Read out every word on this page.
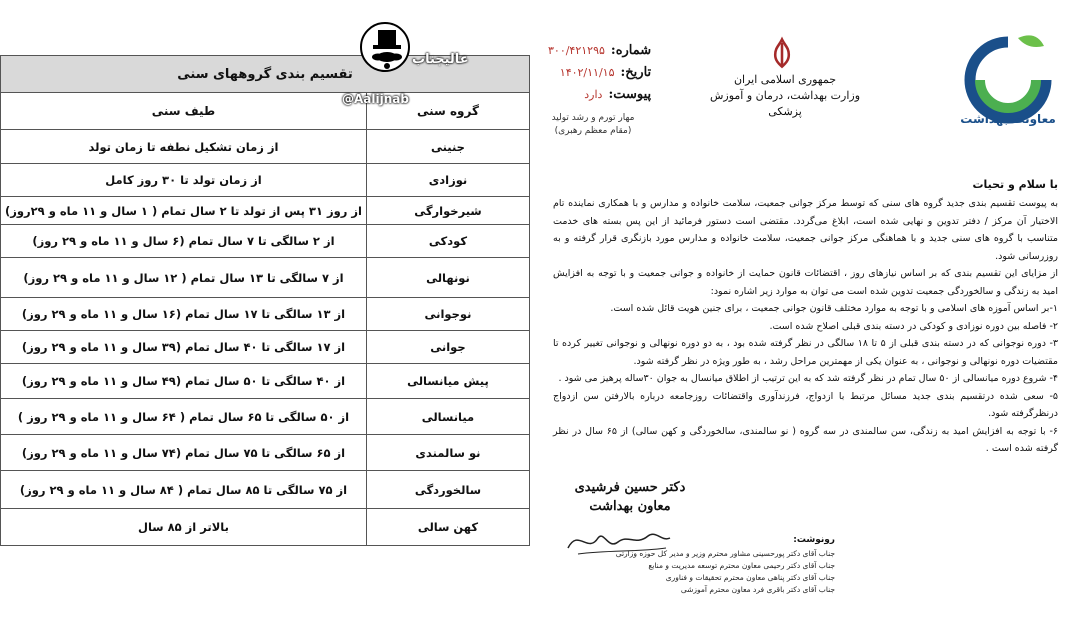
تقسیم بندی گروههای سنی	
گروه سنی	طیف سنی
جنینی	از زمان تشکیل نطفه تا زمان تولد
نوزادی	از زمان تولد تا ۳۰ روز کامل
شیرخوارگی	از روز ۳۱ پس از تولد تا ۲ سال تمام ( ۱ سال و ۱۱ ماه و ۲۹روز)
کودکی	از ۲ سالگی تا ۷ سال تمام (۶ سال و ۱۱ ماه و ۲۹ روز)
نونهالی	از ۷ سالگی تا ۱۳ سال تمام ( ۱۲ سال و ۱۱ ماه و ۲۹ روز)
نوجوانی	از ۱۳ سالگی تا ۱۷ سال تمام (۱۶ سال و ۱۱ ماه و ۲۹ روز)
جوانی	از ۱۷ سالگی تا ۴۰ سال تمام (۳۹ سال و ۱۱ ماه و ۲۹ روز)
پیش میانسالی	از ۴۰ سالگی تا ۵۰ سال تمام (۴۹ سال و ۱۱ ماه و ۲۹ روز)
میانسالی	از ۵۰ سالگی تا ۶۵ سال تمام ( ۶۴ سال و ۱۱ ماه و ۲۹ روز )
نو سالمندی	از ۶۵ سالگی تا ۷۵ سال تمام (۷۴ سال و ۱۱ ماه و ۲۹ روز)
سالخوردگی	از ۷۵ سالگی تا ۸۵ سال تمام ( ۸۴ سال و ۱۱ ماه و ۲۹ روز)
کهن سالی	بالاتر از ۸۵ سال
عالیجناب
@Aalijnab
معاونت بهداشت
جمهوری اسلامی ایران
وزارت بهداشت، درمان و آموزش پزشکی
شماره:۳۰۰/۴۲۱۲۹۵
تاریخ:۱۴۰۲/۱۱/۱۵
پیوست:دارد
مهار تورم و رشد تولید
(مقام معظم رهبری)
با سلام و تحیات

به پیوست تقسیم بندی جدید گروه های سنی که توسط مرکز جوانی جمعیت، سلامت خانواده و مدارس و با همکاری نماینده تام الاختیار آن مرکز / دفتر تدوین و نهایی شده است، ابلاغ می‌گردد. مقتضی است دستور فرمائید از این پس بسته های خدمت متناسب با گروه های سنی جدید و با هماهنگی مرکز جوانی جمعیت، سلامت خانواده و مدارس مورد بازنگری قرار گرفته و به روزرسانی شود.

از مزایای این تقسیم بندی که بر اساس نیازهای روز ، اقتضائات قانون حمایت از خانواده و جوانی جمعیت و با توجه به افزایش امید به زندگی و سالخوردگی جمعیت تدوین شده است می توان به موارد زیر اشاره نمود:

۱-بر اساس آموزه های اسلامی و با توجه به موارد مختلف قانون جوانی جمعیت ، برای جنین هویت قائل شده است.

۲- فاصله بین دوره نوزادی و کودکی در دسته بندی قبلی اصلاح شده است.

۳- دوره نوجوانی که در دسته بندی قبلی از ۵ تا ۱۸ سالگی در نظر گرفته شده بود ، به دو دوره نونهالی و نوجوانی تغییر کرده تا مقتضیات دوره نونهالی و نوجوانی ، به عنوان یکی از مهمترین مراحل رشد ، به طور ویژه در نظر گرفته شود.

۴- شروع دوره میانسالی از ۵۰ سال تمام در نظر گرفته شد که به این ترتیب از اطلاق میانسال به جوان ۳۰ساله پرهیز می شود .

۵- سعی شده درتقسیم بندی جدید مسائل مرتبط با ازدواج، فرزندآوری واقتضائات روزجامعه درباره بالارفتن سن ازدواج درنظرگرفته شود.

۶- با توجه به افزایش امید به زندگی، سن سالمندی در سه گروه ( نو سالمندی، سالخوردگی و کهن سالی) از ۶۵ سال در نظر گرفته شده است .

دکتر حسین فرشیدی
معاون بهداشت
رونوشت:
جناب آقای دکتر پورحسینی مشاور محترم وزیر و مدیر کل حوزه وزارتی
جناب آقای دکتر رحیمی معاون محترم توسعه مدیریت و منابع
جناب آقای دکتر پناهی معاون محترم تحقیقات و فناوری
جناب آقای دکتر باقری فرد معاون محترم آموزشی
